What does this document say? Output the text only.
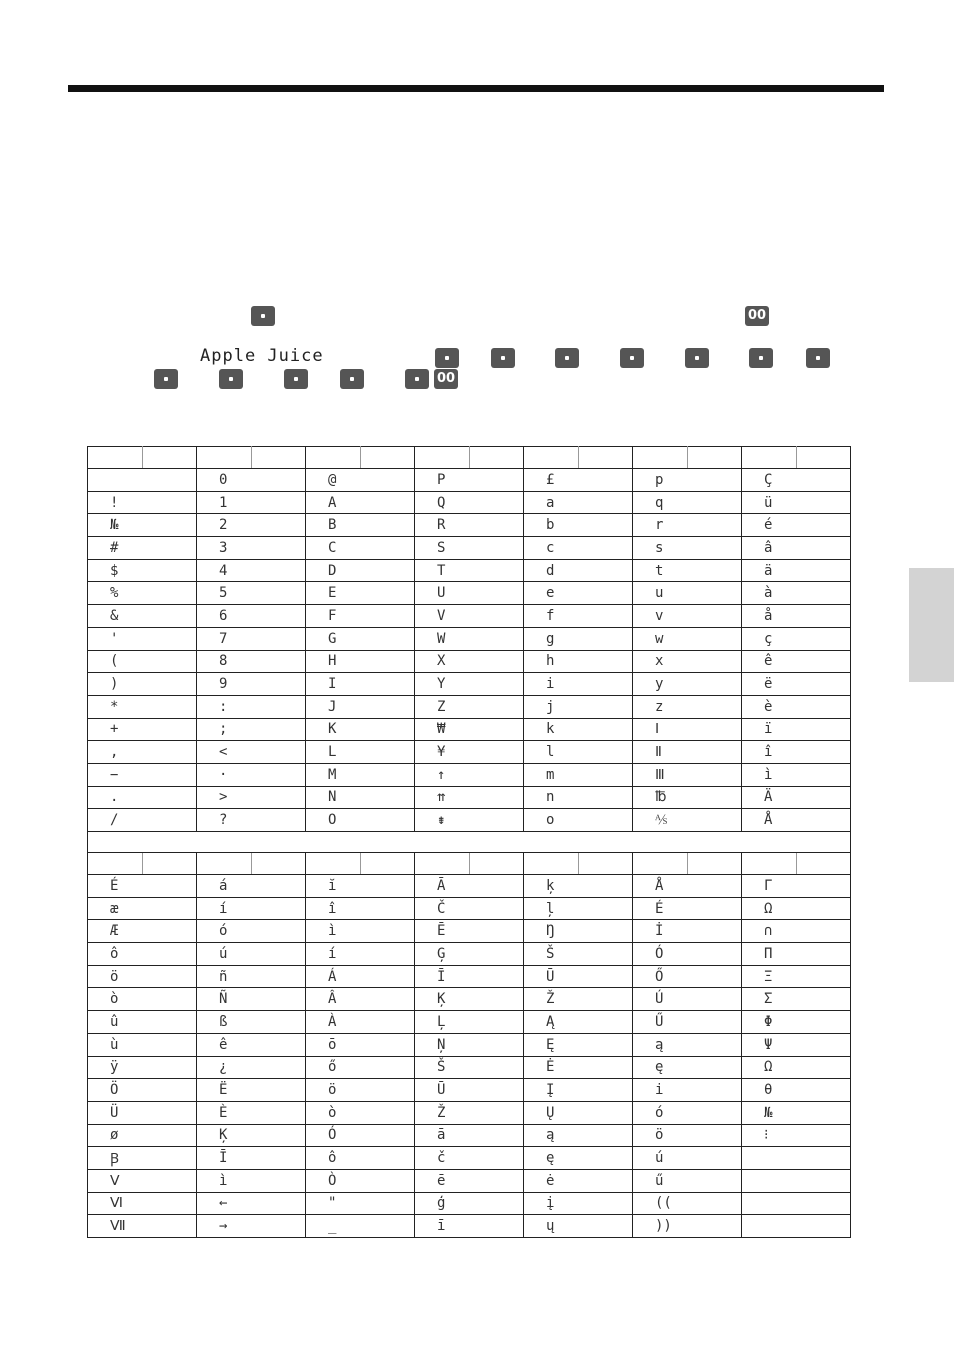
00
Apple Juice
00

		0		@		P		£		p		Ç	
!		1		A		Q		a		q		ü	
№		2		B		R		b		r		é	
#		3		C		S		c		s		â	
$		4		D		T		d		t		ä	
%		5		E		U		e		u		à	
&		6		F		V		f		v		å	
'		7		G		W		g		w		ç	
(		8		H		X		h		x		ê	
)		9		I		Y		i		y		ë	
*		:		J		Z		j		z		è	
+		;		K		₩		k		Ⅰ		ï	
,		<		L		¥		l		Ⅱ		î	
−		·		M		↑		m		Ⅲ		ì	
.		>		N		⇈		n		℔		Ä	
/		?		O		⇟		o		⅍		Å	

É		á		ĭ		Ā		ķ		Å		Γ	
æ		í		î		Č		ļ		É		Ω	
Æ		ó		ì		Ē		Ŋ		İ		∩	
ô		ú		í		Ģ		Š		Ó		Π	
ö		ñ		Á		Ī		Ū		Ő		Ξ	
ò		Ñ		Â		Ķ		Ž		Ú		Σ	
û		ß		À		Ļ		Ą		Ű		Φ	
ù		ê		ō		Ņ		Ę		ą		Ψ	
ÿ		¿		ő		Š		Ė		ę		Ω	
Ö		Ë		ö		Ū		Į		i		θ	
Ü		È		ò		Ž		Ų		ó		№	
ø		Ķ		Ó		ā		ą		ö		⁝	
Ꞵ		Ī		ô		č		ę		ú			
Ⅴ		ì		Ò		ē		ė		ű			
Ⅵ		←		"		ģ		į		((			
Ⅶ		→		_		ī		ų		))			
